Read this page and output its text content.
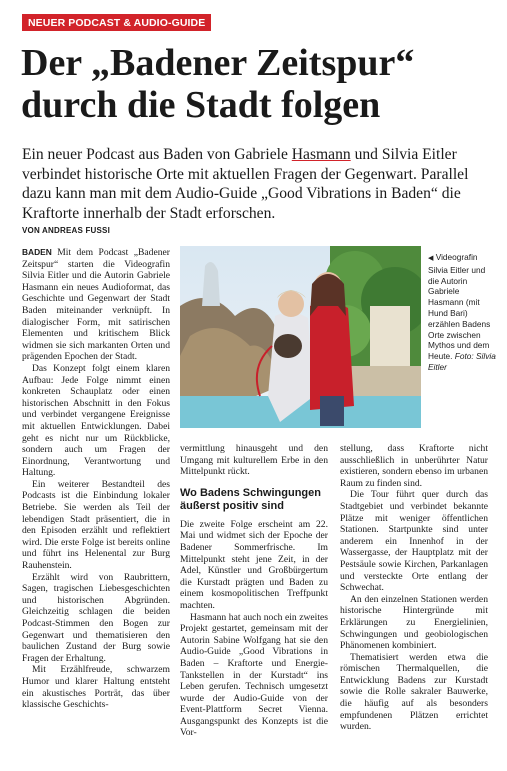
NEUER PODCAST & AUDIO-GUIDE
Der „Badener Zeitspur“
durch die Stadt folgen
Ein neuer Podcast aus Baden von Gabriele Hasmann und Silvia Eitler verbindet historische Orte mit aktuellen Fragen der Gegenwart. Parallel dazu kann man mit dem Audio-Guide „Good Vibrations in Baden“ die Kraftorte innerhalb der Stadt erforschen.
VON ANDREAS FUSSI

BADEN Mit dem Podcast „Badener Zeitspur“ starten die Videografin Silvia Eitler und die Autorin Gabriele Hasmann ein neues Audioformat, das Geschichte und Gegenwart der Stadt Baden miteinander verknüpft. In dialogischer Form, mit satirischen Elementen und kritischem Blick widmen sie sich markanten Orten und prägenden Epochen der Stadt.

Das Konzept folgt einem klaren Aufbau: Jede Folge nimmt einen konkreten Schauplatz oder einen historischen Abschnitt in den Fokus und verbindet vergangene Ereignisse mit aktuellen Entwicklungen. Dabei geht es nicht nur um Rückblicke, sondern auch um Fragen der Einordnung, Verantwortung und Haltung.

Ein weiterer Bestandteil des Podcasts ist die Einbindung lokaler Betriebe. Sie werden als Teil der lebendigen Stadt präsentiert, die in den Episoden erzählt und reflektiert wird. Die erste Folge ist bereits online und führt ins Helenental zur Burg Rauhenstein.

Erzählt wird von Raubrittern, Sagen, tragischen Liebesgeschichten und historischen Abgründen. Gleichzeitig schlagen die beiden Podcast-Stimmen den Bogen zur Gegenwart und thematisieren den baulichen Zustand der Burg sowie Fragen der Erhaltung.

Mit Erzählfreude, schwarzem Humor und klarer Haltung entsteht ein akustisches Porträt, das über klassische Geschichts-

◀ Videografin Silvia Eitler und die Autorin Gabriele Hasmann (mit Hund Bari) erzählen Badens Orte zwischen Mythos und dem Heute. Foto: Silvia Eitler

vermittlung hinausgeht und den Umgang mit kulturellem Erbe in den Mittelpunkt rückt.

Wo Badens Schwingungen äußerst positiv sind

Die zweite Folge erscheint am 22. Mai und widmet sich der Epoche der Badener Sommerfrische. Im Mittelpunkt steht jene Zeit, in der Adel, Künstler und Großbürgertum die Kurstadt prägten und Baden zu einem kosmopolitischen Treffpunkt machten.

Hasmann hat auch noch ein zweites Projekt gestartet, gemeinsam mit der Autorin Sabine Wolfgang hat sie den Audio-Guide „Good Vibrations in Baden – Kraftorte und Energie-Tankstellen in der Kurstadt“ ins Leben gerufen. Technisch umgesetzt wurde der Audio-Guide von der Event-Plattform Secret Vienna. Ausgangspunkt des Konzepts ist die Vor-

stellung, dass Kraftorte nicht ausschließlich in unberührter Natur existieren, sondern ebenso im urbanen Raum zu finden sind.

Die Tour führt quer durch das Stadtgebiet und verbindet bekannte Plätze mit weniger öffentlichen Stationen. Startpunkte sind unter anderem ein Innenhof in der Wassergasse, der Hauptplatz mit der Pestsäule sowie Kirchen, Parkanlagen und versteckte Orte entlang der Schwechat.

An den einzelnen Stationen werden historische Hintergründe mit Erklärungen zu Energielinien, Schwingungen und geobiologischen Phänomenen kombiniert.

Thematisiert werden etwa die römischen Thermalquellen, die Entwicklung Badens zur Kurstadt sowie die Rolle sakraler Bauwerke, die häufig auf als besonders empfundenen Plätzen errichtet wurden.
